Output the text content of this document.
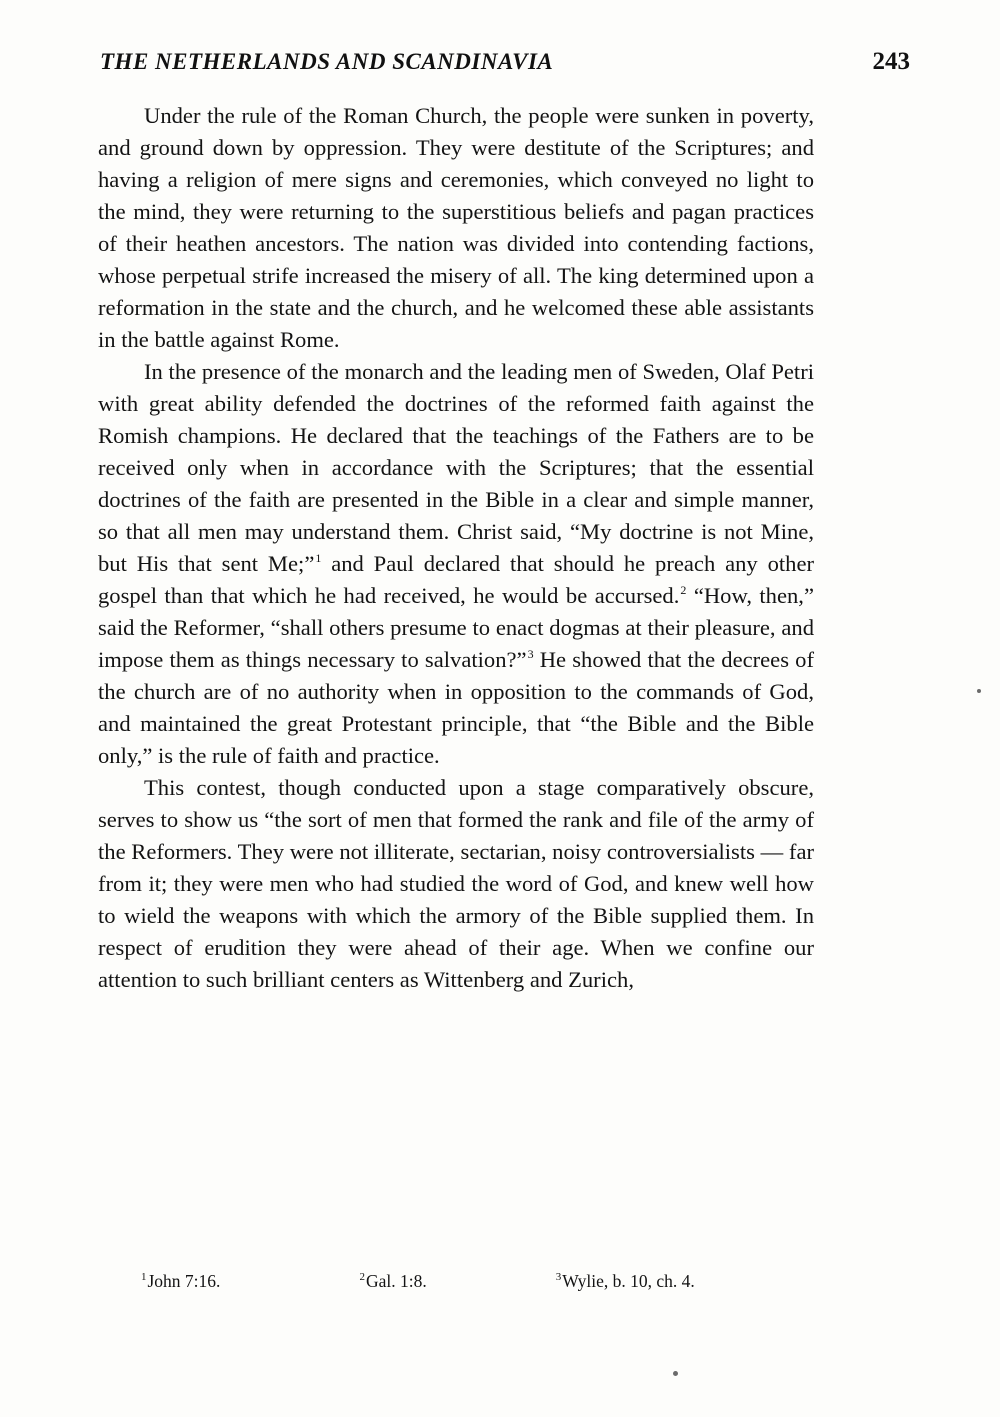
THE NETHERLANDS AND SCANDINAVIA	243

Under the rule of the Roman Church, the people were sunken in poverty, and ground down by oppression. They were destitute of the Scriptures; and having a religion of mere signs and ceremonies, which conveyed no light to the mind, they were returning to the superstitious beliefs and pagan practices of their heathen ancestors. The nation was divided into contending factions, whose perpetual strife increased the misery of all. The king determined upon a reformation in the state and the church, and he welcomed these able assistants in the battle against Rome.

In the presence of the monarch and the leading men of Sweden, Olaf Petri with great ability defended the doctrines of the reformed faith against the Romish champions. He declared that the teachings of the Fathers are to be received only when in accordance with the Scriptures; that the essential doctrines of the faith are presented in the Bible in a clear and simple manner, so that all men may understand them. Christ said, “My doctrine is not Mine, but His that sent Me;”$^1$ and Paul declared that should he preach any other gospel than that which he had received, he would be accursed.$^2$ “How, then,” said the Reformer, “shall others presume to enact dogmas at their pleasure, and impose them as things necessary to salvation?”$^3$ He showed that the decrees of the church are of no authority when in opposition to the commands of God, and maintained the great Protestant principle, that “the Bible and the Bible only,” is the rule of faith and practice.

This contest, though conducted upon a stage comparatively obscure, serves to show us “the sort of men that formed the rank and file of the army of the Reformers. They were not illiterate, sectarian, noisy controversialists — far from it; they were men who had studied the word of God, and knew well how to wield the weapons with which the armory of the Bible supplied them. In respect of erudition they were ahead of their age. When we confine our attention to such brilliant centers as Wittenberg and Zurich,

$^1$John 7:16.	$^2$Gal. 1:8.	$^3$Wylie, b. 10, ch. 4.
